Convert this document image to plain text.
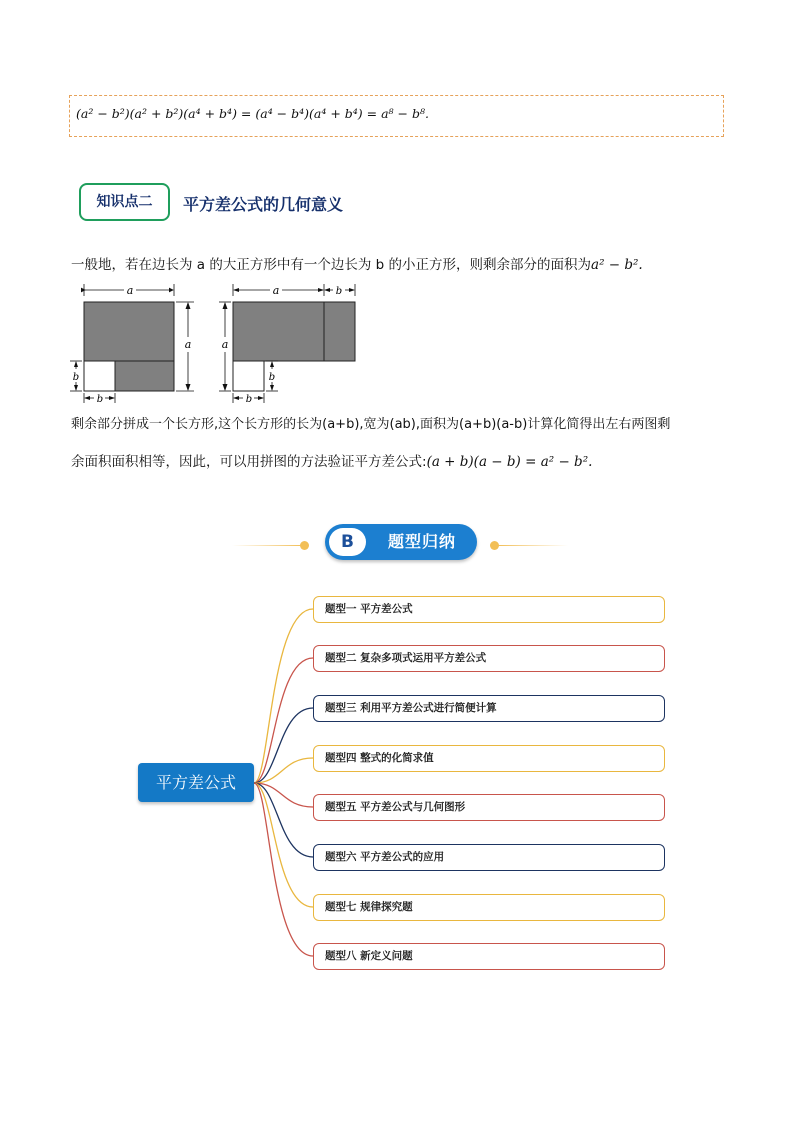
(a² − b²)(a² + b²)(a⁴ + b⁴) = (a⁴ − b⁴)(a⁴ + b⁴) = a⁸ − b⁸.
知识点二	平方差公式的几何意义
一般地，若在边长为 a 的大正方形中有一个边长为 b 的小正方形，则剩余部分的面积为a² − b².
a
a
b
b
a	b
a
b
b
剩余部分拼成一个长方形,这个长方形的长为(a+b),宽为(ab),面积为(a+b)(a-b)计算化简得出左右两图剩
余面积面积相等，因此，可以用拼图的方法验证平方差公式:(a + b)(a − b) = a² − b².
B	题型归纳
平方差公式
题型一 平方差公式
题型二 复杂多项式运用平方差公式
题型三 利用平方差公式进行简便计算
题型四 整式的化简求值
题型五 平方差公式与几何图形
题型六 平方差公式的应用
题型七 规律探究题
题型八 新定义问题
